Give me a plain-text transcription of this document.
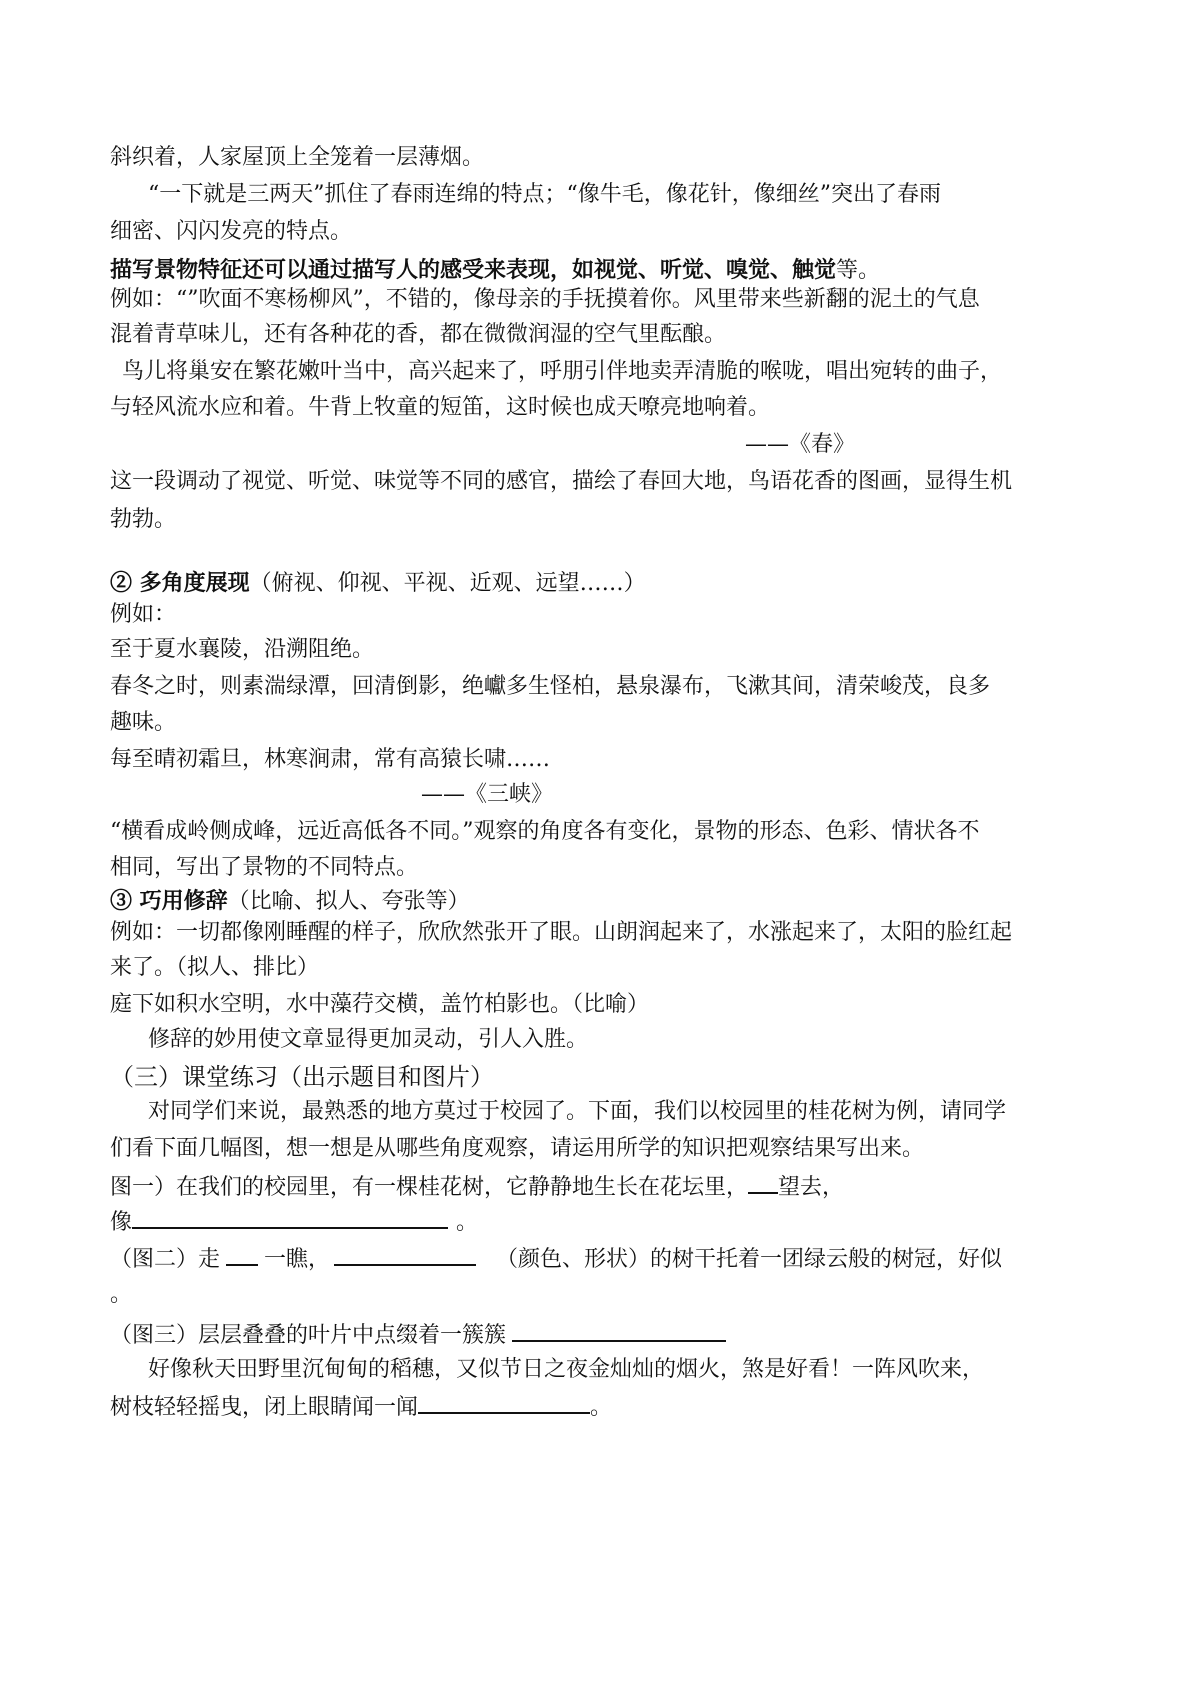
斜织着，人家屋顶上全笼着一层薄烟。
“一下就是三两天”抓住了春雨连绵的特点；“像牛毛，像花针，像细丝”突出了春雨
细密、闪闪发亮的特点。
描写景物特征还可以通过描写人的感受来表现，如视觉、听觉、嗅觉、触觉等。
例如：“”吹面不寒杨柳风”，不错的，像母亲的手抚摸着你。风里带来些新翻的泥土的气息
混着青草味儿，还有各种花的香，都在微微润湿的空气里酝酿。
鸟儿将巢安在繁花嫩叶当中，高兴起来了，呼朋引伴地卖弄清脆的喉咙，唱出宛转的曲子，
与轻风流水应和着。牛背上牧童的短笛，这时候也成天嘹亮地响着。
——《春》
这一段调动了视觉、听觉、味觉等不同的感官，描绘了春回大地，鸟语花香的图画，显得生机
勃勃。
② 多角度展现（俯视、仰视、平视、近观、远望……）
例如：
至于夏水襄陵，沿溯阻绝。
春冬之时，则素湍绿潭，回清倒影，绝巘多生怪柏，悬泉瀑布，飞漱其间，清荣峻茂，良多
趣味。
每至晴初霜旦，林寒涧肃，常有高猿长啸……
——《三峡》
“横看成岭侧成峰，远近高低各不同。”观察的角度各有变化，景物的形态、色彩、情状各不
相同，写出了景物的不同特点。
③ 巧用修辞（比喻、拟人、夸张等）
例如：一切都像刚睡醒的样子，欣欣然张开了眼。山朗润起来了，水涨起来了，太阳的脸红起
来了。（拟人、排比）
庭下如积水空明，水中藻荇交横，盖竹柏影也。（比喻）
修辞的妙用使文章显得更加灵动，引人入胜。
（三）课堂练习（出示题目和图片）
对同学们来说，最熟悉的地方莫过于校园了。下面，我们以校园里的桂花树为例，请同学
们看下面几幅图，想一想是从哪些角度观察，请运用所学的知识把观察结果写出来。
图一）在我们的校园里，有一棵桂花树，它静静地生长在花坛里， 望去，
像	。
（图二）走 一瞧，	（颜色、形状）的树干托着一团绿云般的树冠，好似
。
（图三）层层叠叠的叶片中点缀着一簇簇
好像秋天田野里沉甸甸的稻穗，又似节日之夜金灿灿的烟火，煞是好看！一阵风吹来，
树枝轻轻摇曳，闭上眼睛闻一闻	。
